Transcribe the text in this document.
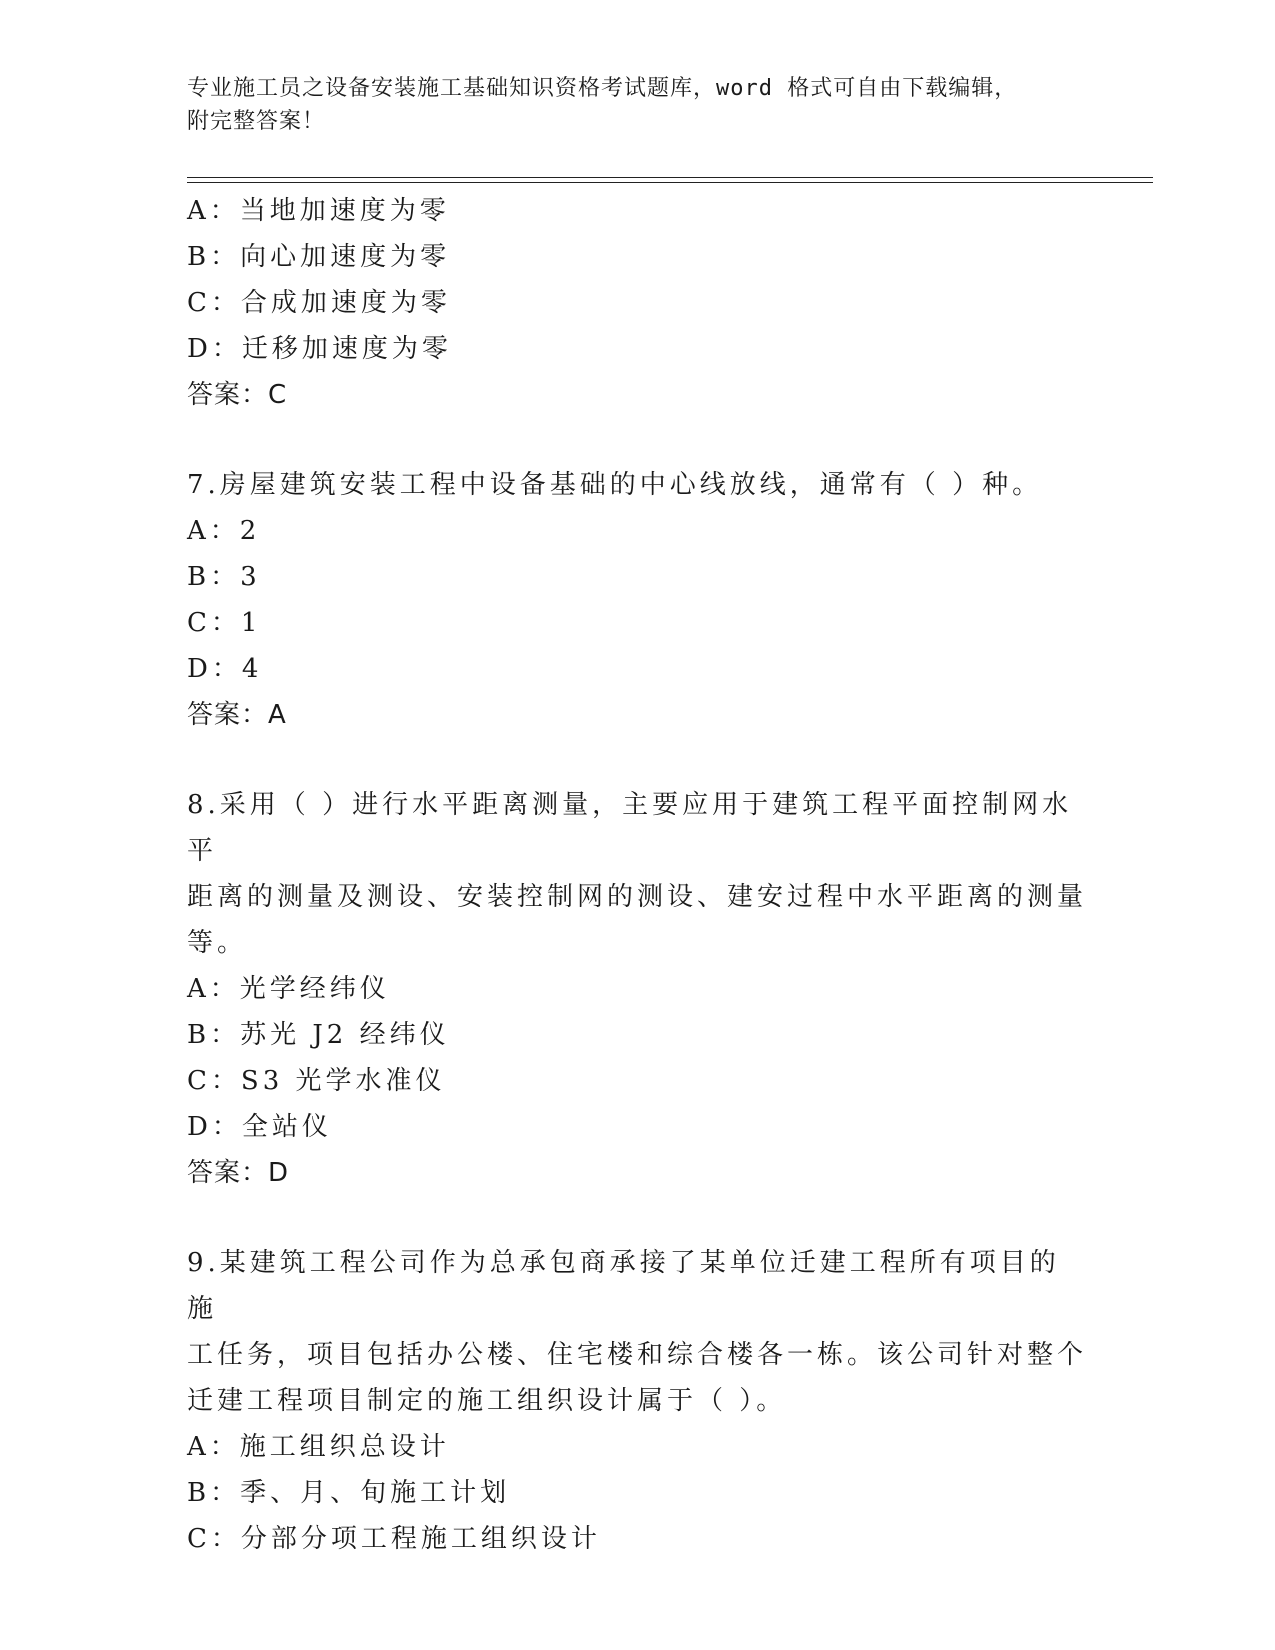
专业施工员之设备安装施工基础知识资格考试题库，word 格式可自由下载编辑，
附完整答案！
A：当地加速度为零
B：向心加速度为零
C：合成加速度为零
D：迁移加速度为零
答案：C
7.房屋建筑安装工程中设备基础的中心线放线，通常有（ ）种。
A：2
B：3
C：1
D：4
答案：A
8.采用（ ）进行水平距离测量，主要应用于建筑工程平面控制网水平
距离的测量及测设、安装控制网的测设、建安过程中水平距离的测量
等。
A：光学经纬仪
B：苏光 J2 经纬仪
C：S3 光学水准仪
D：全站仪
答案：D
9.某建筑工程公司作为总承包商承接了某单位迁建工程所有项目的施
工任务，项目包括办公楼、住宅楼和综合楼各一栋。该公司针对整个
迁建工程项目制定的施工组织设计属于（ ）。
A：施工组织总设计
B：季、月、旬施工计划
C：分部分项工程施工组织设计
